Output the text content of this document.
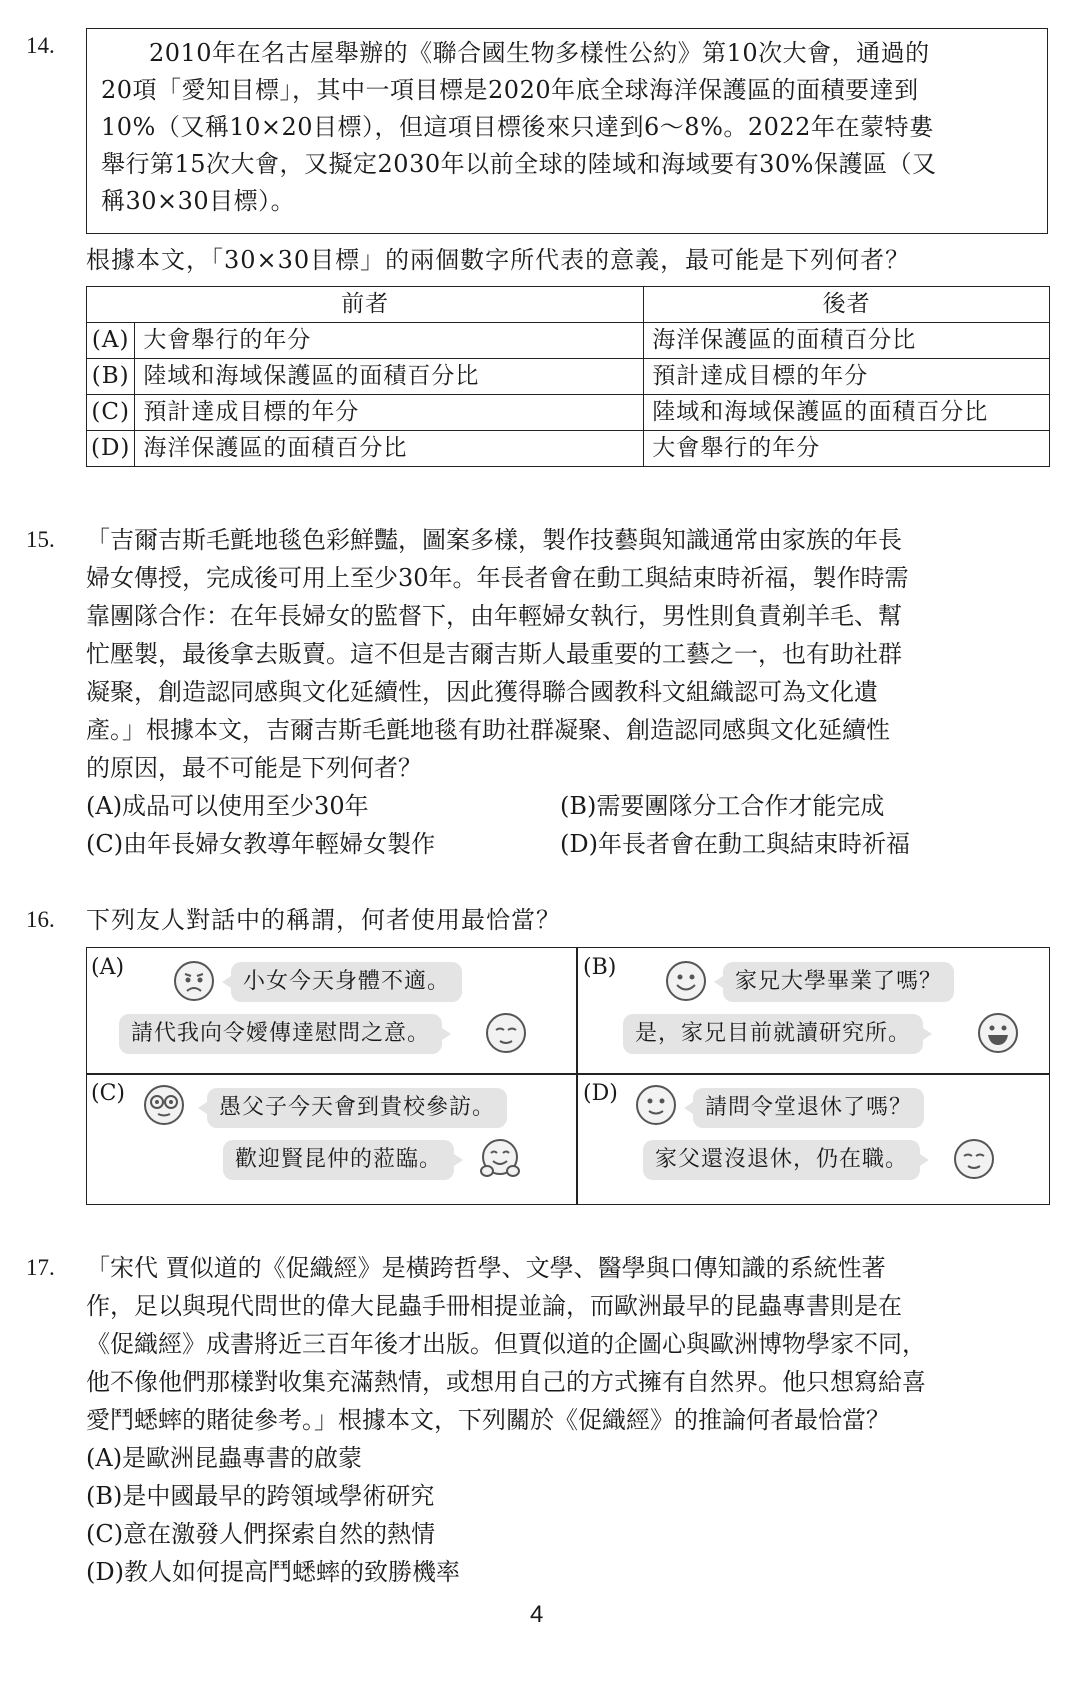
14.	2010年在名古屋舉辦的《聯合國生物多樣性公約》第10次大會，通過的
20項「愛知目標」，其中一項目標是2020年底全球海洋保護區的面積要達到
10%（又稱10×20目標），但這項目標後來只達到6～8%。2022年在蒙特婁
舉行第15次大會，又擬定2030年以前全球的陸域和海域要有30%保護區（又
稱30×30目標）。
根據本文，「30×30目標」的兩個數字所代表的意義，最可能是下列何者？
前者		後者
(A)	大會舉行的年分	海洋保護區的面積百分比
(B)	陸域和海域保護區的面積百分比	預計達成目標的年分
(C)	預計達成目標的年分	陸域和海域保護區的面積百分比
(D)	海洋保護區的面積百分比	大會舉行的年分
15. 「吉爾吉斯毛氈地毯色彩鮮豔，圖案多樣，製作技藝與知識通常由家族的年長
婦女傳授，完成後可用上至少30年。年長者會在動工與結束時祈福，製作時需
靠團隊合作：在年長婦女的監督下，由年輕婦女執行，男性則負責剃羊毛、幫
忙壓製，最後拿去販賣。這不但是吉爾吉斯人最重要的工藝之一，也有助社群
凝聚，創造認同感與文化延續性，因此獲得聯合國教科文組織認可為文化遺
產。」根據本文，吉爾吉斯毛氈地毯有助社群凝聚、創造認同感與文化延續性
的原因，最不可能是下列何者？
(A)成品可以使用至少30年	(B)需要團隊分工合作才能完成
(C)由年長婦女教導年輕婦女製作	(D)年長者會在動工與結束時祈福
16. 下列友人對話中的稱謂，何者使用最恰當？
(A)
小女今天身體不適。
請代我向令嬡傳達慰問之意。
(B)
家兄大學畢業了嗎？
是，家兄目前就讀研究所。
(C)
愚父子今天會到貴校參訪。
歡迎賢昆仲的蒞臨。
(D)
請問令堂退休了嗎？
家父還沒退休，仍在職。
17. 「宋代 賈似道的《促織經》是橫跨哲學、文學、醫學與口傳知識的系統性著
作，足以與現代問世的偉大昆蟲手冊相提並論，而歐洲最早的昆蟲專書則是在
《促織經》成書將近三百年後才出版。但賈似道的企圖心與歐洲博物學家不同，
他不像他們那樣對收集充滿熱情，或想用自己的方式擁有自然界。他只想寫給喜
愛鬥蟋蟀的賭徒參考。」根據本文，下列關於《促織經》的推論何者最恰當？
(A)是歐洲昆蟲專書的啟蒙
(B)是中國最早的跨領域學術研究
(C)意在激發人們探索自然的熱情
(D)教人如何提高鬥蟋蟀的致勝機率
4
